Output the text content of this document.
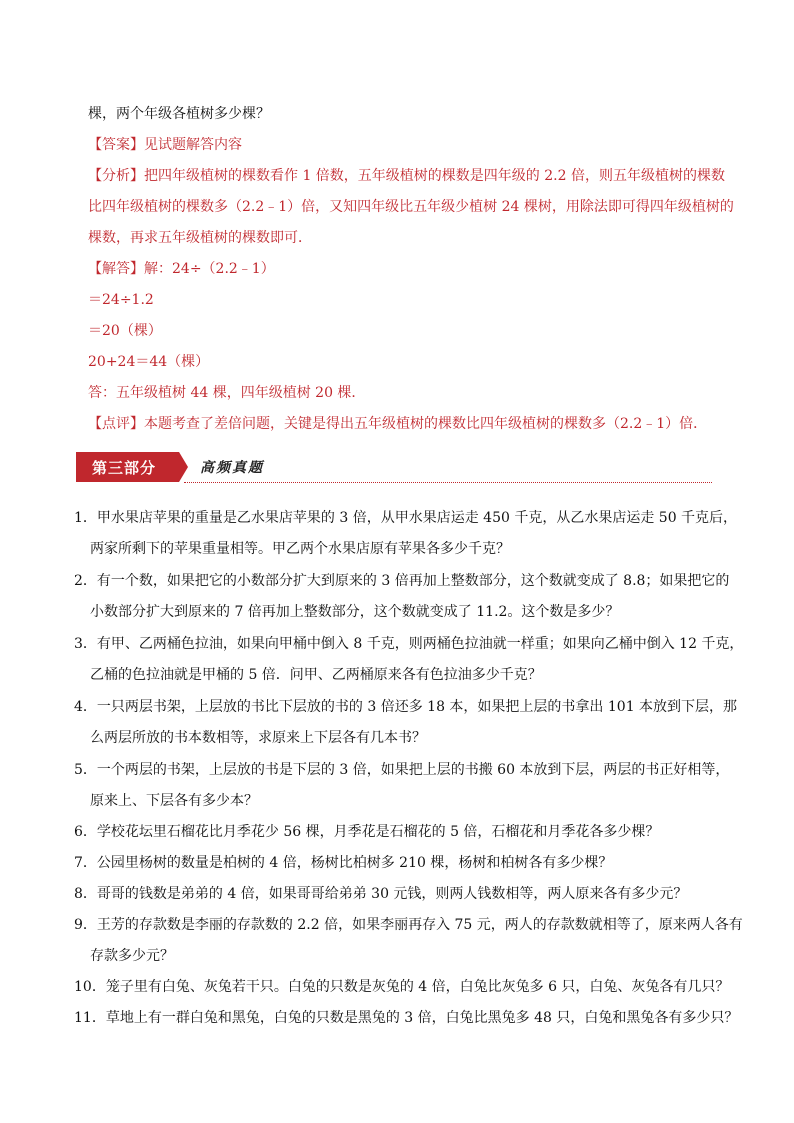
棵，两个年级各植树多少棵？
【答案】见试题解答内容
【分析】把四年级植树的棵数看作 1 倍数，五年级植树的棵数是四年级的 2.2 倍，则五年级植树的棵数
比四年级植树的棵数多（2.2﹣1）倍，又知四年级比五年级少植树 24 棵树，用除法即可得四年级植树的
棵数，再求五年级植树的棵数即可．
【解答】解：24÷（2.2﹣1）
＝24÷1.2
＝20（棵）
20+24＝44（棵）
答：五年级植树 44 棵，四年级植树 20 棵．
【点评】本题考查了差倍问题，关键是得出五年级植树的棵数比四年级植树的棵数多（2.2﹣1）倍．
第三部分	高频真题
1．甲水果店苹果的重量是乙水果店苹果的 3 倍，从甲水果店运走 450 千克，从乙水果店运走 50 千克后，
两家所剩下的苹果重量相等。甲乙两个水果店原有苹果各多少千克？
2．有一个数，如果把它的小数部分扩大到原来的 3 倍再加上整数部分，这个数就变成了 8.8；如果把它的
小数部分扩大到原来的 7 倍再加上整数部分，这个数就变成了 11.2。这个数是多少？
3．有甲、乙两桶色拉油，如果向甲桶中倒入 8 千克，则两桶色拉油就一样重；如果向乙桶中倒入 12 千克，
乙桶的色拉油就是甲桶的 5 倍．问甲、乙两桶原来各有色拉油多少千克？
4．一只两层书架，上层放的书比下层放的书的 3 倍还多 18 本，如果把上层的书拿出 101 本放到下层，那
么两层所放的书本数相等，求原来上下层各有几本书？
5．一个两层的书架，上层放的书是下层的 3 倍，如果把上层的书搬 60 本放到下层，两层的书正好相等，
原来上、下层各有多少本？
6．学校花坛里石榴花比月季花少 56 棵，月季花是石榴花的 5 倍，石榴花和月季花各多少棵？
7．公园里杨树的数量是柏树的 4 倍，杨树比柏树多 210 棵，杨树和柏树各有多少棵？
8．哥哥的钱数是弟弟的 4 倍，如果哥哥给弟弟 30 元钱，则两人钱数相等，两人原来各有多少元？
9．王芳的存款数是李丽的存款数的 2.2 倍，如果李丽再存入 75 元，两人的存款数就相等了，原来两人各有
存款多少元？
10．笼子里有白兔、灰兔若干只。白兔的只数是灰兔的 4 倍，白兔比灰兔多 6 只，白兔、灰兔各有几只？
11．草地上有一群白兔和黑兔，白兔的只数是黑兔的 3 倍，白兔比黑兔多 48 只，白兔和黑兔各有多少只？
